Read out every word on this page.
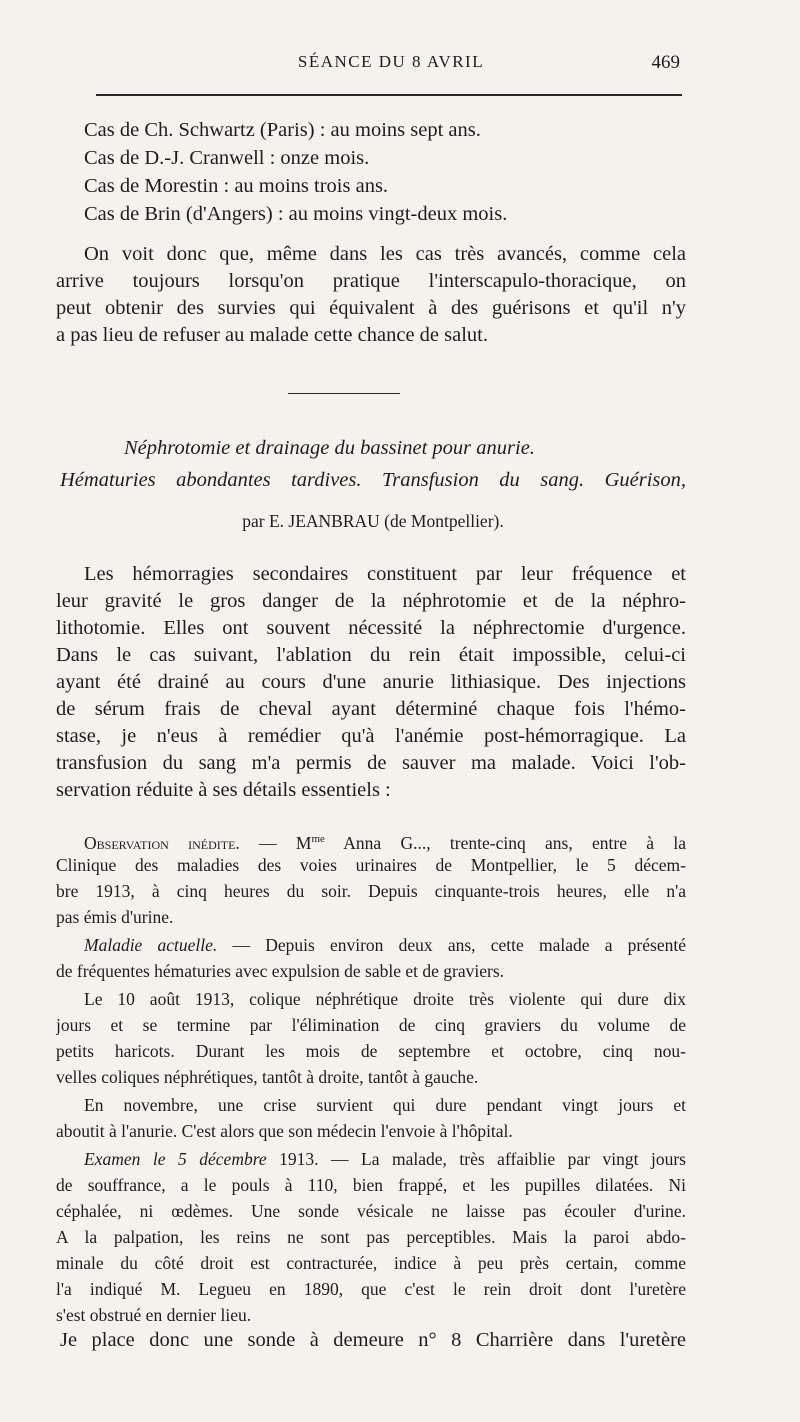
SÉANCE DU 8 AVRIL	469
Cas de Ch. Schwartz (Paris) : au moins sept ans.
Cas de D.-J. Cranwell : onze mois.
Cas de Morestin : au moins trois ans.
Cas de Brin (d'Angers) : au moins vingt-deux mois.
On voit donc que, même dans les cas très avancés, comme cela
arrive toujours lorsqu'on pratique l'interscapulo-thoracique, on
peut obtenir des survies qui équivalent à des guérisons et qu'il n'y
a pas lieu de refuser au malade cette chance de salut.
Néphrotomie et drainage du bassinet pour anurie.
Hématuries abondantes tardives. Transfusion du sang. Guérison,
par E. JEANBRAU (de Montpellier).
Les hémorragies secondaires constituent par leur fréquence et
leur gravité le gros danger de la néphrotomie et de la néphro-
lithotomie. Elles ont souvent nécessité la néphrectomie d'urgence.
Dans le cas suivant, l'ablation du rein était impossible, celui-ci
ayant été drainé au cours d'une anurie lithiasique. Des injections
de sérum frais de cheval ayant déterminé chaque fois l'hémo-
stase, je n'eus à remédier qu'à l'anémie post-hémorragique. La
transfusion du sang m'a permis de sauver ma malade. Voici l'ob-
servation réduite à ses détails essentiels :
Observation inédite. — $M^{me}$ Anna G..., trente-cinq ans, entre à la
Clinique des maladies des voies urinaires de Montpellier, le 5 décem-
bre 1913, à cinq heures du soir. Depuis cinquante-trois heures, elle n'a
pas émis d'urine.
Maladie actuelle. — Depuis environ deux ans, cette malade a présenté
de fréquentes hématuries avec expulsion de sable et de graviers.
Le 10 août 1913, colique néphrétique droite très violente qui dure dix
jours et se termine par l'élimination de cinq graviers du volume de
petits haricots. Durant les mois de septembre et octobre, cinq nou-
velles coliques néphrétiques, tantôt à droite, tantôt à gauche.
En novembre, une crise survient qui dure pendant vingt jours et
aboutit à l'anurie. C'est alors que son médecin l'envoie à l'hôpital.
Examen le 5 décembre 1913. — La malade, très affaiblie par vingt jours
de souffrance, a le pouls à 110, bien frappé, et les pupilles dilatées. Ni
céphalée, ni œdèmes. Une sonde vésicale ne laisse pas écouler d'urine.
A la palpation, les reins ne sont pas perceptibles. Mais la paroi abdo-
minale du côté droit est contracturée, indice à peu près certain, comme
l'a indiqué M. Legueu en 1890, que c'est le rein droit dont l'uretère
s'est obstrué en dernier lieu.
Je place donc une sonde à demeure n° 8 Charrière dans l'uretère
